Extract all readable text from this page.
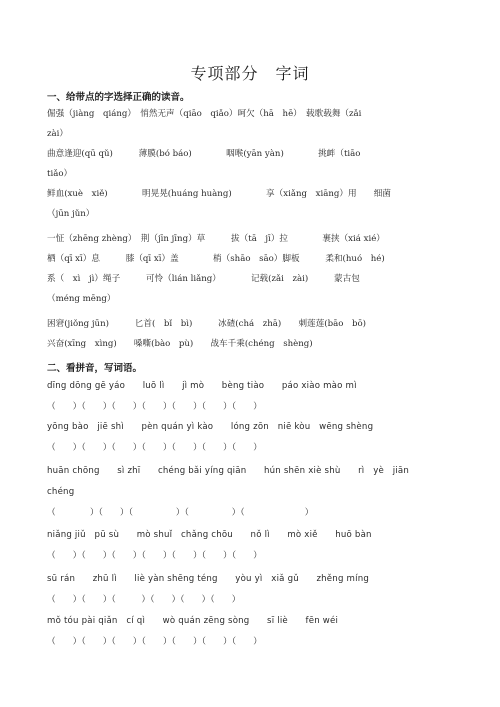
专项部分　字词
一、给带点的字选择正确的读音。
倔强（jiàng　qiáng）　悄然无声（qiāo　qiǎo）呵欠（hā　hē）　载歌载舞（zǎi
zài）
曲意逢迎(qū qǔ)　　　薄膜(bó báo)　　　　咽喉(yān yàn)　　　　挑衅（tiāo
tiǎo）
鲜血(xuè　xiě)　　　　明晃晃(huáng huàng)　　　　享（xiǎng　xiāng）用　　细菌
（jūn jǔn）
一怔（zhēng zhèng）　荆（jīn jīng）草　　　拔（tā　jī）拉　　　　裹挟（xiá xié）
栖（qī xī）息　　　膝（qī xī）盖　　　　梢（shāo　sāo）脚板　　　柔和(huó　hé)
系（　xì　jì）绳子　　　可怜（lián liǎng）　　　　记载(zǎi　zài)　　　蒙古包
（méng mēng）
困窘(jiǒng jūn)　　　匕首(　bǐ　bì)　　　冰碴(chá　zhā)　　刺莲莲(bāo　bō)
兴奋(xīng　xìng)　　嗓嘶(bào　pù)　　战车千乘(chéng　shèng)
二、看拼音，写词语。
dīng dōng gē yáo　　luō lì　　jì mò　　bèng tiào　　páo xiào mào mì
（　　）（　　）（　　）（　　）（　　）（　　）（　　）
yōng bào　jiē shì　　pèn quán yì kào　　lóng zōn　niē kòu　wēng shèng
（　　）（　　）（　　）（　　）（　　）（　　）（　　）
huān chōng　　sì zhī　　chéng bǎi yíng qiān　　hún shēn xiè shù　　rì　yè　jiān
chéng
（　　　　）（　　）（　　　　　）（　　　　　）（　　　　　　　）
niǎng jiǔ　pū sù　　mò shuǐ　chǎng chōu　　nǒ lì　　mò xiě　　huō bàn
（　　）（　　）（　　）（　　）（　　）（　　）（　　）
sū rán　　zhū lì　　liè yàn shēng téng　　yòu yì　xiǎ gǔ　　zhěng míng
（　　）（　　）（　　　）（　　）（　　）（　　）
mǒ tóu pài qiǎn　cí qì　　wò quán zēng sòng　　sī liè　　fēn wéi
（　　）（　　）（　　）（　　）（　　）（　　）（　　）
